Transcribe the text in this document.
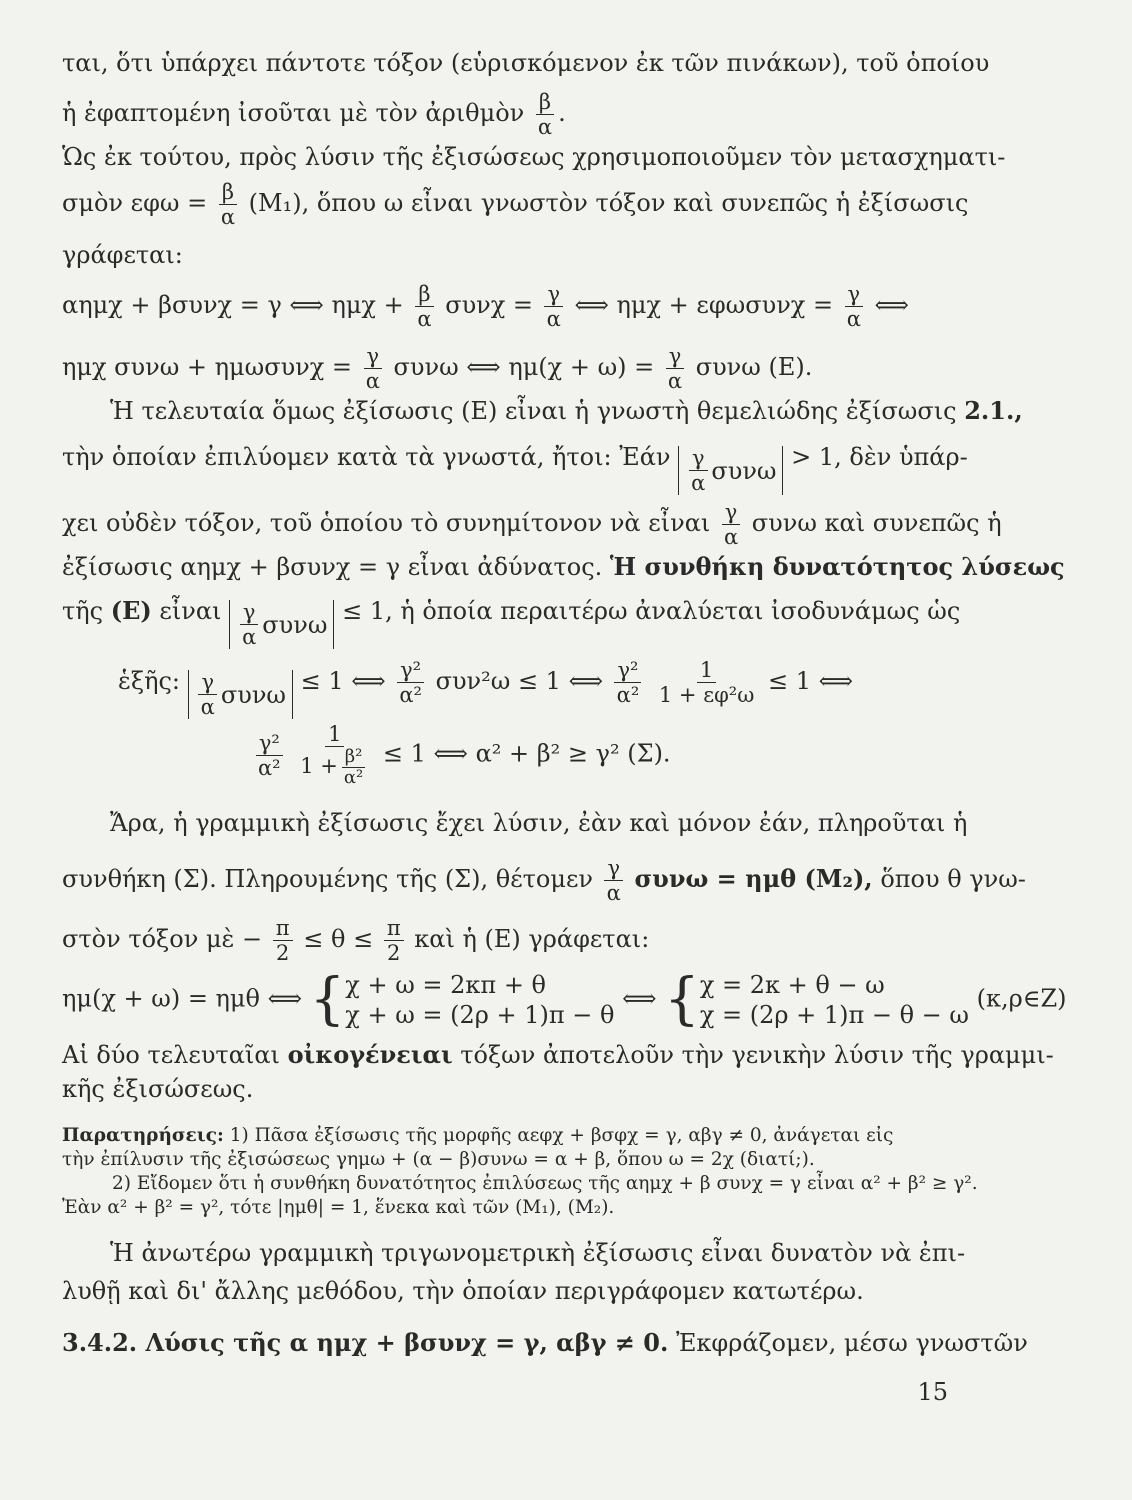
ται, ὅτι ὑπάρχει πάντοτε τόξον (εὑρισκόμενον ἐκ τῶν πινάκων), τοῦ ὁποίου
ἡ ἐφαπτομένη ἰσοῦται μὲ τὸν ἀριθμὸν $\frac{\beta}{\alpha}$ .
Ὡς ἐκ τούτου, πρὸς λύσιν τῆς ἐξισώσεως χρησιμοποιοῦμεν τὸν μετασχηματι-
σμὸν $\varepsilon\varphi\omega = \frac{\beta}{\alpha} (M_1)$, ὅπου ω εἶναι γνωστὸν τόξον καὶ συνεπῶς ἡ ἐξίσωσις
γράφεται:
αημχ + βσυνχ = γ ⟺ $\eta\mu\chi + \frac{\beta}{\alpha}$ $\sigma\upsilon\nu\chi = \frac{\gamma}{\alpha}$ ⟺ $\eta\mu\chi + \varepsilon\varphi\omega\sigma\upsilon\nu\chi = \frac{\gamma}{\alpha}$ ⟺
ημχ $\sigma\upsilon\nu\omega + \eta\mu\omega\sigma\upsilon\nu\chi = \frac{\gamma}{\alpha}$ συνω ⟺ $\eta\mu(\chi + \omega) = \frac{\gamma}{\alpha}$ συνω (Ε).
Ἡ τελευταία ὅμως ἐξίσωσις (Ε) εἶναι ἡ γνωστὴ θεμελιώδης ἐξίσωσις 2.1.,
τὴν ὁποίαν ἐπιλύομεν κατὰ τὰ γνωστά, ἤτοι: Ἐάν $\frac{\gamma}{\alpha}$ συνω > 1, δὲν ὑπάρ-
χει οὐδὲν τόξον, τοῦ ὁποίου τὸ συνημίτονον νὰ εἶναι $\frac{\gamma}{\alpha}$ συνω καὶ συνεπῶς ἡ
ἐξίσωσις αημχ + βσυνχ = γ εἶναι ἀδύνατος. Ἡ συνθήκη δυνατότητος λύσεως
τῆς (Ε) εἶναι $\frac{\gamma}{\alpha}$ συνω ≤ 1, ἡ ὁποία περαιτέρω ἀναλύεται ἰσοδυνάμως ὡς
ἑξῆς: $\frac{\gamma}{\alpha}$ συνω ≤ 1 ⟺ $\frac{\text{γ²}}{\text{α²}} \sigma\upsilon\nu^2\omega \le 1$ ⟺ $\frac{\text{γ²}}{\text{α²}}$
$\frac{1}{\text{1 + εφ²ω}} \le 1$ ⟺
$\frac{\text{γ²}}{\text{α²}}$
$\frac{1}{1 + \frac{\text{β²}}{\text{α²}}} \le 1$ ⟺ α² + β² ≥ γ² (Σ).
Ἄρα, ἡ γραμμικὴ ἐξίσωσις ἔχει λύσιν, ἐὰν καὶ μόνον ἐάν, πληροῦται ἡ
συνθήκη (Σ). Πληρουμένης τῆς (Σ), θέτομεν $\frac{\gamma}{\alpha}$ συνω = ημθ (M₂), ὅπου θ γνω-
στὸν τόξον μὲ − $\frac{\pi}{2} \le \theta \le \frac{\pi}{2}$ καὶ ἡ (Ε) γράφεται:
ημ(χ + ω) = ημθ ⟺ { χ + ω = 2κπ + θ
χ + ω = (2ρ + 1)π − θ
⟺ { χ = 2κ + θ − ω
χ = (2ρ + 1)π − θ − ω
(κ,ρ∈Ζ)
Αἱ δύο τελευταῖαι οἰκογένειαι τόξων ἀποτελοῦν τὴν γενικὴν λύσιν τῆς γραμμι-
κῆς ἐξισώσεως.
Παρατηρήσεις: 1) Πᾶσα ἐξίσωσις τῆς μορφῆς αεφχ + βσφχ = γ, αβγ ≠ 0, ἀνάγεται εἰς
τὴν ἐπίλυσιν τῆς ἐξισώσεως γημω + (α − β)συνω = α + β, ὅπου ω = 2χ (διατί;).
2) Εἴδομεν ὅτι ἡ συνθήκη δυνατότητος ἐπιλύσεως τῆς αημχ + β συνχ = γ εἶναι α² + β² ≥ γ².
Ἐὰν α² + β² = γ², τότε |ημθ| = 1, ἕνεκα καὶ τῶν (M₁), (M₂).
Ἡ ἀνωτέρω γραμμικὴ τριγωνομετρικὴ ἐξίσωσις εἶναι δυνατὸν νὰ ἐπι-
λυθῇ καὶ δι' ἄλλης μεθόδου, τὴν ὁποίαν περιγράφομεν κατωτέρω.
3.4.2. Λύσις τῆς α ημχ + βσυνχ = γ, αβγ ≠ 0. Ἐκφράζομεν, μέσω γνωστῶν
15
